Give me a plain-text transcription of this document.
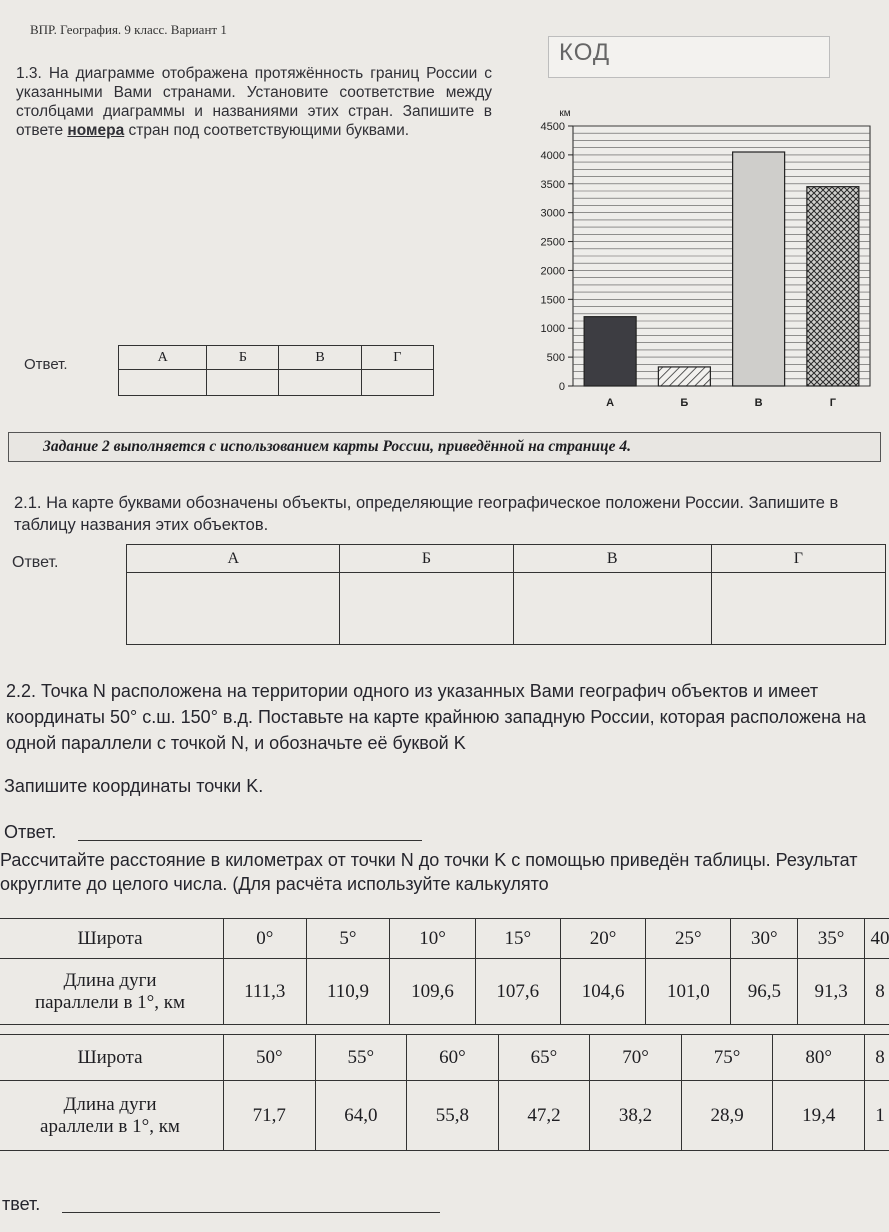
ВПР. География. 9 класс. Вариант 1
КОД
1.3. На диаграмме отображена протяжённость границ России с указанными Вами странами. Установите соответствие между столбцами диаграммы и названиями этих стран. Запишите в ответе номера стран под соответствующими буквами.
Ответ.	А	Б	В	Г

0
500
1000
1500
2000
2500
3000
3500
4000
4500
км
А	Б	В	Г
Задание 2 выполняется с использованием карты России, приведённой на странице 4.
2.1. На карте буквами обозначены объекты, определяющие географическое положени России. Запишите в таблицу названия этих объектов.
Ответ.	А	Б	В	Г

2.2. Точка N расположена на территории одного из указанных Вами географич объектов и имеет координаты 50° с.ш. 150° в.д. Поставьте на карте крайнюю западную России, которая расположена на одной параллели с точкой N, и обозначьте её буквой K
Запишите координаты точки K.
Ответ.
Рассчитайте расстояние в километрах от точки N до точки K с помощью приведён таблицы. Результат округлите до целого числа. (Для расчёта используйте калькулято
Широта	0°	5°	10°	15°	20°	25°	30°	35°	40

Длина дуги
параллели в 1°, км	111,3	110,9	109,6	107,6	104,6	101,0	96,5	91,3	8
Широта	50°	55°	60°	65°	70°	75°	80°	8

Длина дуги
араллели в 1°, км	71,7	64,0	55,8	47,2	38,2	28,9	19,4	1
твет.
